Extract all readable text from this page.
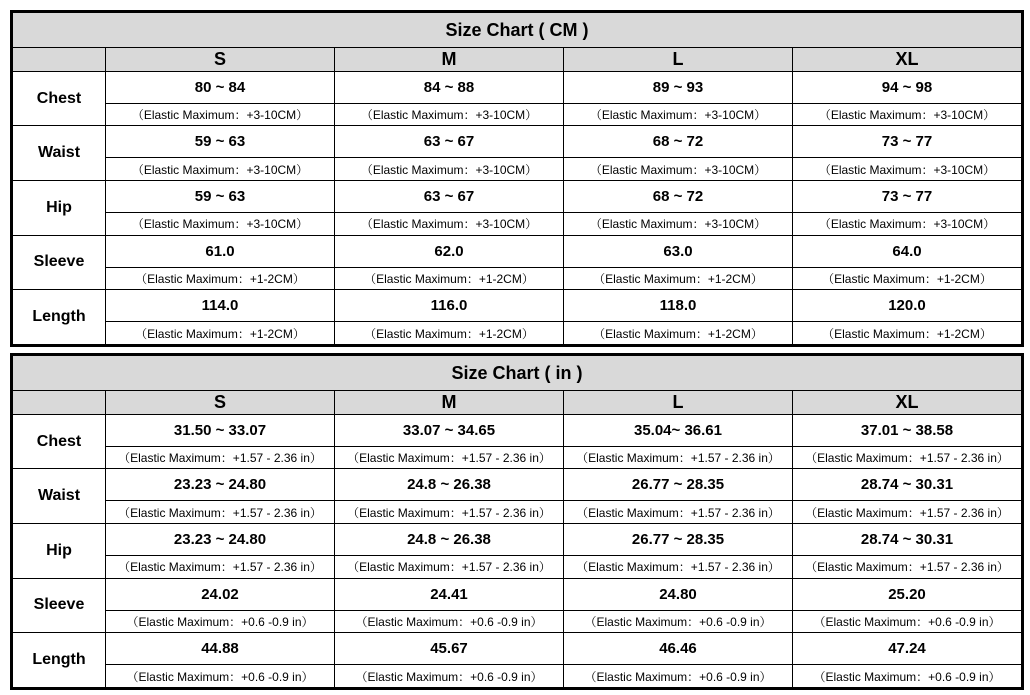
Size Chart ( CM )				
	S	M	L	XL
Chest	80 ~ 84	84 ~ 88	89 ~ 93	94 ~ 98
	（Elastic Maximum：+3-10CM）	（Elastic Maximum：+3-10CM）	（Elastic Maximum：+3-10CM）	（Elastic Maximum：+3-10CM）
Waist	59 ~ 63	63 ~ 67	68 ~ 72	73 ~ 77
	（Elastic Maximum：+3-10CM）	（Elastic Maximum：+3-10CM）	（Elastic Maximum：+3-10CM）	（Elastic Maximum：+3-10CM）
Hip	59 ~ 63	63 ~ 67	68 ~ 72	73 ~ 77
	（Elastic Maximum：+3-10CM）	（Elastic Maximum：+3-10CM）	（Elastic Maximum：+3-10CM）	（Elastic Maximum：+3-10CM）
Sleeve	61.0	62.0	63.0	64.0
	（Elastic Maximum：+1-2CM）	（Elastic Maximum：+1-2CM）	（Elastic Maximum：+1-2CM）	（Elastic Maximum：+1-2CM）
Length	114.0	116.0	118.0	120.0
	（Elastic Maximum：+1-2CM）	（Elastic Maximum：+1-2CM）	（Elastic Maximum：+1-2CM）	（Elastic Maximum：+1-2CM）
Size Chart ( in )				
	S	M	L	XL
Chest	31.50 ~ 33.07	33.07 ~ 34.65	35.04~ 36.61	37.01 ~ 38.58
	（Elastic Maximum：+1.57 - 2.36 in）	（Elastic Maximum：+1.57 - 2.36 in）	（Elastic Maximum：+1.57 - 2.36 in）	（Elastic Maximum：+1.57 - 2.36 in）
Waist	23.23 ~ 24.80	24.8 ~ 26.38	26.77 ~ 28.35	28.74 ~ 30.31
	（Elastic Maximum：+1.57 - 2.36 in）	（Elastic Maximum：+1.57 - 2.36 in）	（Elastic Maximum：+1.57 - 2.36 in）	（Elastic Maximum：+1.57 - 2.36 in）
Hip	23.23 ~ 24.80	24.8 ~ 26.38	26.77 ~ 28.35	28.74 ~ 30.31
	（Elastic Maximum：+1.57 - 2.36 in）	（Elastic Maximum：+1.57 - 2.36 in）	（Elastic Maximum：+1.57 - 2.36 in）	（Elastic Maximum：+1.57 - 2.36 in）
Sleeve	24.02	24.41	24.80	25.20
	（Elastic Maximum：+0.6 -0.9 in）	（Elastic Maximum：+0.6 -0.9 in）	（Elastic Maximum：+0.6 -0.9 in）	（Elastic Maximum：+0.6 -0.9 in）
Length	44.88	45.67	46.46	47.24
	（Elastic Maximum：+0.6 -0.9 in）	（Elastic Maximum：+0.6 -0.9 in）	（Elastic Maximum：+0.6 -0.9 in）	（Elastic Maximum：+0.6 -0.9 in）
